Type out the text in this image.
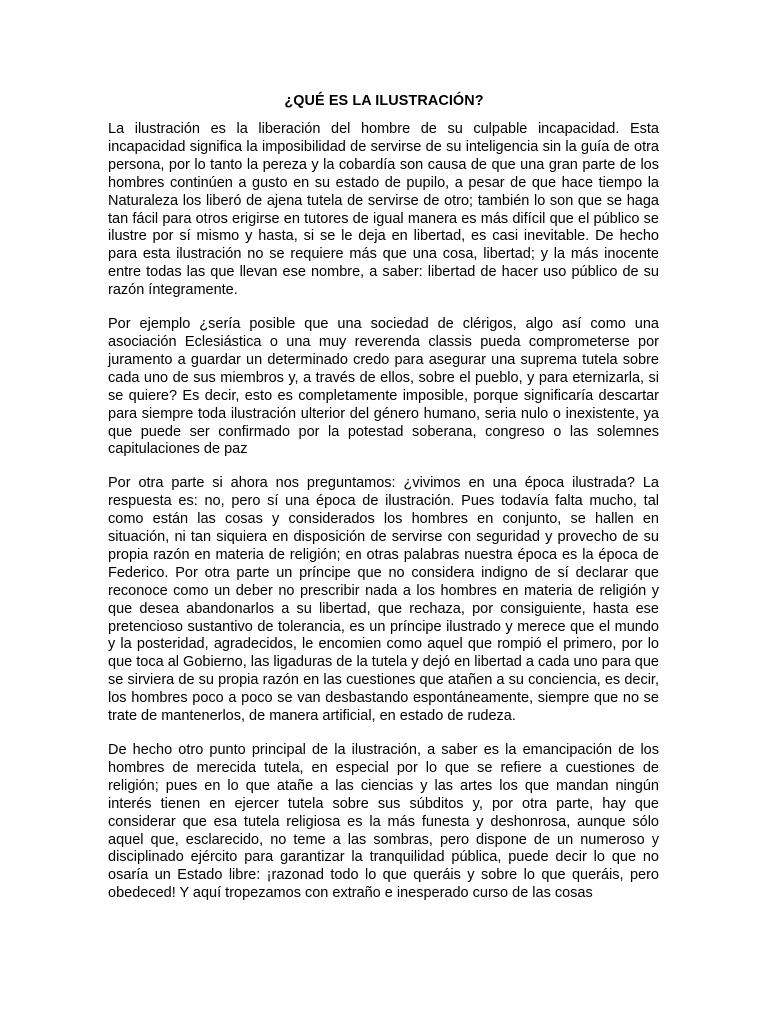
¿QUÉ ES LA ILUSTRACIÓN?

La ilustración es la liberación del hombre de su culpable incapacidad. Esta incapacidad significa la imposibilidad de servirse de su inteligencia sin la guía de otra persona, por lo tanto la pereza y la cobardía son causa de que una gran parte de los hombres continúen a gusto en su estado de pupilo, a pesar de que hace tiempo la Naturaleza los liberó de ajena tutela de servirse de otro; también lo son que se haga tan fácil para otros erigirse en tutores de igual manera es más difícil que el público se ilustre por sí mismo y hasta, si se le deja en libertad, es casi inevitable. De hecho para esta ilustración no se requiere más que una cosa, libertad; y la más inocente entre todas las que llevan ese nombre, a saber: libertad de hacer uso público de su razón íntegramente.

Por ejemplo ¿sería posible que una sociedad de clérigos, algo así como una asociación Eclesiástica o una muy reverenda classis pueda comprometerse por juramento a guardar un determinado credo para asegurar una suprema tutela sobre cada uno de sus miembros y, a través de ellos, sobre el pueblo, y para eternizarla, si se quiere? Es decir, esto es completamente imposible, porque significaría descartar para siempre toda ilustración ulterior del género humano, seria nulo o inexistente, ya que puede ser confirmado por la potestad soberana, congreso o las solemnes capitulaciones de paz

Por otra parte si ahora nos preguntamos: ¿vivimos en una época ilustrada? La respuesta es: no, pero sí una época de ilustración. Pues todavía falta mucho, tal como están las cosas y considerados los hombres en conjunto, se hallen en situación, ni tan siquiera en disposición de servirse con seguridad y provecho de su propia razón en materia de religión; en otras palabras nuestra época es la época de Federico. Por otra parte un príncipe que no considera indigno de sí declarar que reconoce como un deber no prescribir nada a los hombres en materia de religión y que desea abandonarlos a su libertad, que rechaza, por consiguiente, hasta ese pretencioso sustantivo de tolerancia, es un príncipe ilustrado y merece que el mundo y la posteridad, agradecidos, le encomien como aquel que rompió el primero, por lo que toca al Gobierno, las ligaduras de la tutela y dejó en libertad a cada uno para que se sirviera de su propia razón en las cuestiones que atañen a su conciencia, es decir, los hombres poco a poco se van desbastando espontáneamente, siempre que no se trate de mantenerlos, de manera artificial, en estado de rudeza.

De hecho otro punto principal de la ilustración, a saber es la emancipación de los hombres de merecida tutela, en especial por lo que se refiere a cuestiones de religión; pues en lo que atañe a las ciencias y las artes los que mandan ningún interés tienen en ejercer tutela sobre sus súbditos y, por otra parte, hay que considerar que esa tutela religiosa es la más funesta y deshonrosa, aunque sólo aquel que, esclarecido, no teme a las sombras, pero dispone de un numeroso y disciplinado ejército para garantizar la tranquilidad pública, puede decir lo que no osaría un Estado libre: ¡razonad todo lo que queráis y sobre lo que queráis, pero obedeced! Y aquí tropezamos con extraño e inesperado curso de las cosas
